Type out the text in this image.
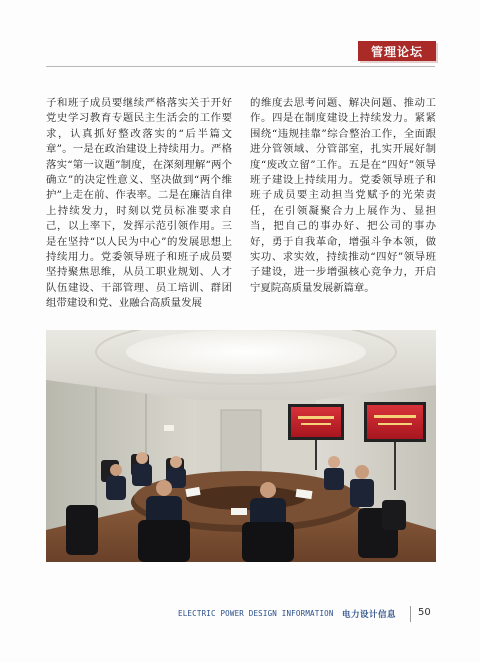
管理论坛

子和班子成员要继续严格落实关于开好党史学习教育专题民主生活会的工作要求，认真抓好整改落实的“后半篇文章”。一是在政治建设上持续用力。严格落实“第一议题”制度，在深刻理解“两个确立”的决定性意义、坚决做到“两个维护”上走在前、作表率。二是在廉洁自律上持续发力，时刻以党员标准要求自己，以上率下，发挥示范引领作用。三是在坚持“以人民为中心”的发展思想上持续用力。党委领导班子和班子成员要坚持聚焦思维，从员工职业规划、人才队伍建设、干部管理、员工培训、群团组带建设和党、业融合高质量发展

的维度去思考问题、解决问题、推动工作。四是在制度建设上持续发力。紧紧围绕“违规挂靠”综合整治工作，全面跟进分管领域、分管部室，扎实开展好制度“废改立留”工作。五是在“四好”领导班子建设上持续用力。党委领导班子和班子成员要主动担当党赋予的光荣责任，在引领凝聚合力上展作为、显担当，把自己的事办好、把公司的事办好，勇于自我革命，增强斗争本领，做实功、求实效，持续推动“四好”领导班子建设，进一步增强核心竞争力，开启宁夏院高质量发展新篇章。

ELECTRIC POWER DESIGN INFORMATION 电力设计信息 50
